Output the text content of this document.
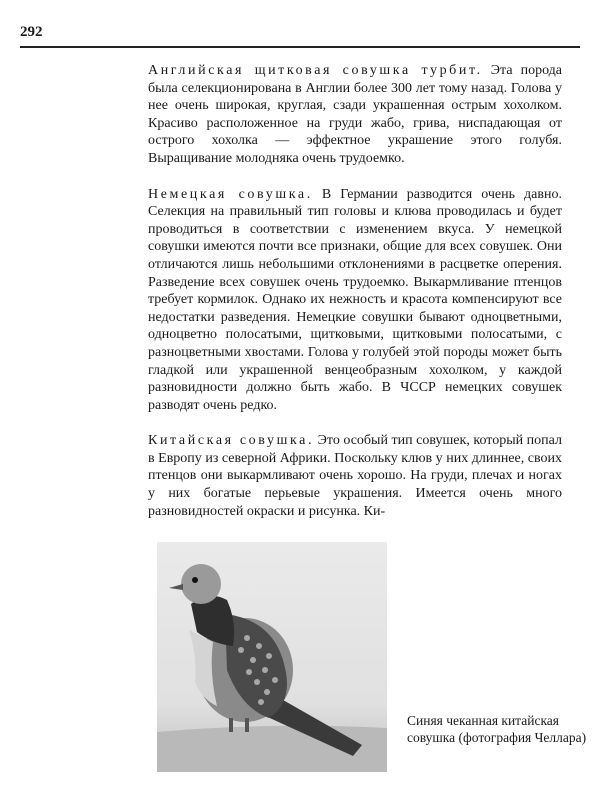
292

Английская щитковая совушка турбит. Эта порода была селекционирована в Англии более 300 лет тому назад. Голова у нее очень широкая, круглая, сзади украшенная острым хохолком. Красиво расположенное на груди жабо, грива, ниспадающая от острого хохолка — эффектное украшение этого голубя. Выращивание молодняка очень трудоемко.

Немецкая совушка. В Германии разводится очень давно. Селекция на правильный тип головы и клюва проводилась и будет проводиться в соответствии с изменением вкуса. У немецкой совушки имеются почти все признаки, общие для всех совушек. Они отличаются лишь небольшими отклонениями в расцветке оперения. Разведение всех совушек очень трудоемко. Выкармливание птенцов требует кормилок. Однако их нежность и красота компенсируют все недостатки разведения. Немецкие совушки бывают одноцветными, одноцветно полосатыми, щитковыми, щитковыми полосатыми, с разноцветными хвостами. Голова у голубей этой породы может быть гладкой или украшенной венцеобразным хохолком, у каждой разновидности должно быть жабо. В ЧССР немецких совушек разводят очень редко.

Китайская совушка. Это особый тип совушек, который попал в Европу из северной Африки. Поскольку клюв у них длиннее, своих птенцов они выкармливают очень хорошо. На груди, плечах и ногах у них богатые перьевые украшения. Имеется очень много разновидностей окраски и рисунка. Ки-

Синяя чеканная китайская совушка (фотография Челлара)
